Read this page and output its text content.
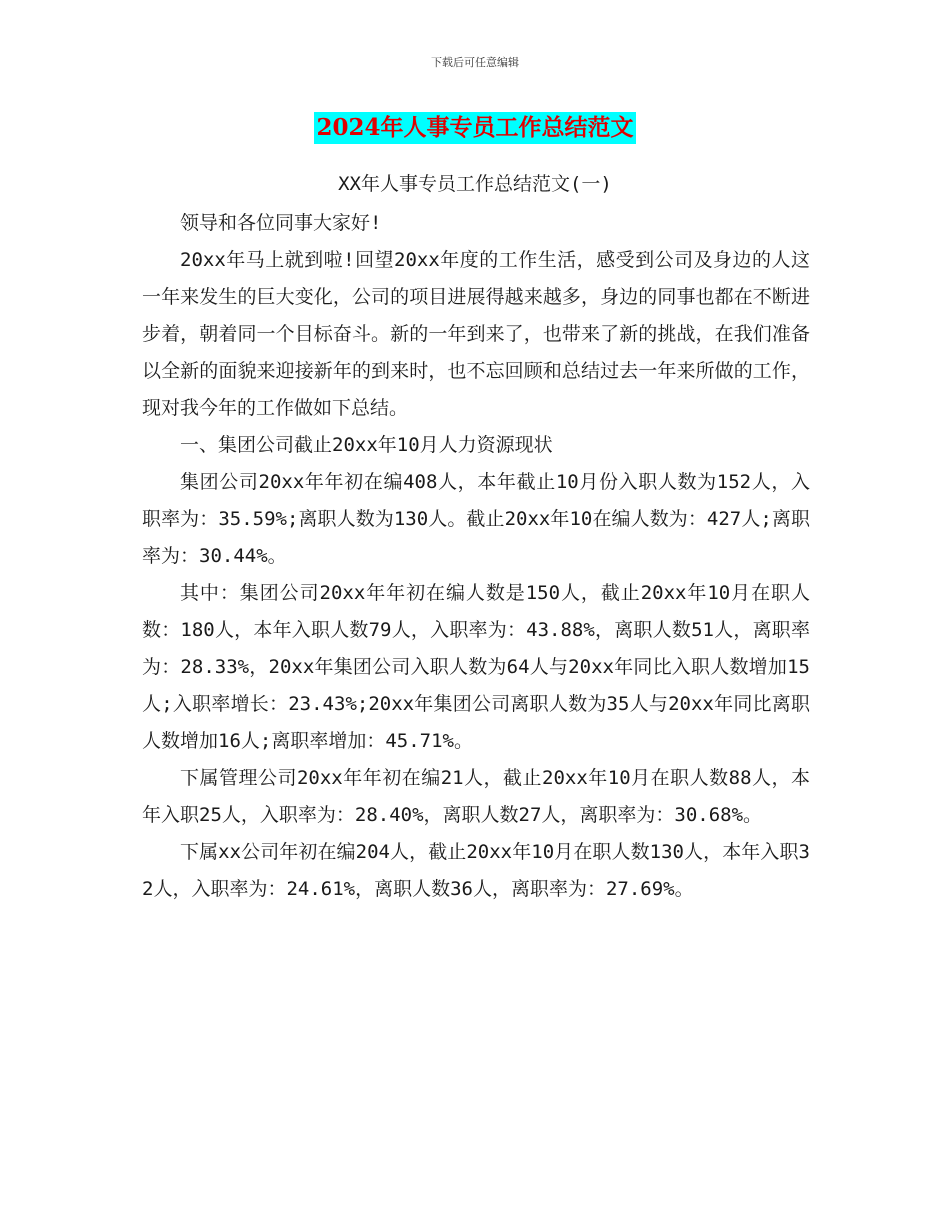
下载后可任意编辑
2024年人事专员工作总结范文
XX年人事专员工作总结范文(一)

领导和各位同事大家好!

20xx年马上就到啦!回望20xx年度的工作生活，感受到公司及身边的人这一年来发生的巨大变化，公司的项目进展得越来越多，身边的同事也都在不断进步着，朝着同一个目标奋斗。新的一年到来了，也带来了新的挑战，在我们准备以全新的面貌来迎接新年的到来时，也不忘回顾和总结过去一年来所做的工作，现对我今年的工作做如下总结。

一、集团公司截止20xx年10月人力资源现状

集团公司20xx年年初在编408人，本年截止10月份入职人数为152人，入职率为：35.59%;离职人数为130人。截止20xx年10在编人数为：427人;离职率为：30.44%。

其中：集团公司20xx年年初在编人数是150人，截止20xx年10月在职人数：180人，本年入职人数79人，入职率为：43.88%，离职人数51人，离职率为：28.33%，20xx年集团公司入职人数为64人与20xx年同比入职人数增加15人;入职率增长：23.43%;20xx年集团公司离职人数为35人与20xx年同比离职人数增加16人;离职率增加：45.71%。

下属管理公司20xx年年初在编21人，截止20xx年10月在职人数88人，本年入职25人，入职率为：28.40%，离职人数27人，离职率为：30.68%。

下属xx公司年初在编204人，截止20xx年10月在职人数130人，本年入职32人，入职率为：24.61%，离职人数36人，离职率为：27.69%。
